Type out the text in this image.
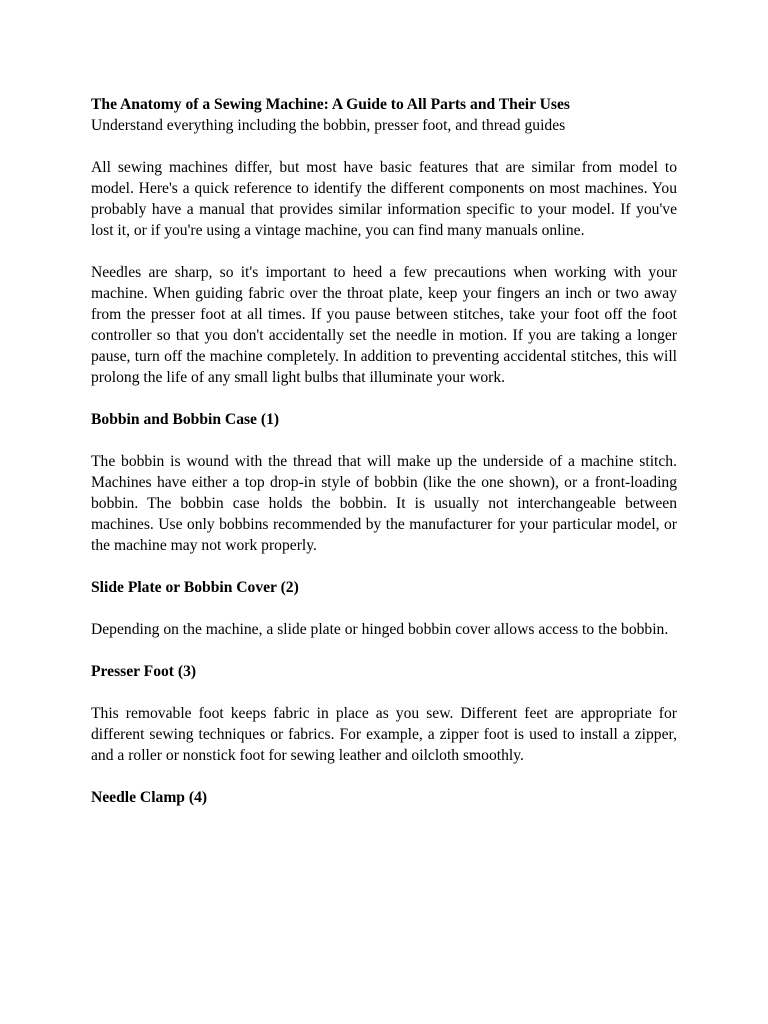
The Anatomy of a Sewing Machine: A Guide to All Parts and Their Uses
Understand everything including the bobbin, presser foot, and thread guides

All sewing machines differ, but most have basic features that are similar from model to model. Here's a quick reference to identify the different components on most machines. You probably have a manual that provides similar information specific to your model. If you've lost it, or if you're using a vintage machine, you can find many manuals online.

Needles are sharp, so it's important to heed a few precautions when working with your machine. When guiding fabric over the throat plate, keep your fingers an inch or two away from the presser foot at all times. If you pause between stitches, take your foot off the foot controller so that you don't accidentally set the needle in motion. If you are taking a longer pause, turn off the machine completely. In addition to preventing accidental stitches, this will prolong the life of any small light bulbs that illuminate your work.

Bobbin and Bobbin Case (1)

The bobbin is wound with the thread that will make up the underside of a machine stitch. Machines have either a top drop-in style of bobbin (like the one shown), or a front-loading bobbin. The bobbin case holds the bobbin. It is usually not interchangeable between machines. Use only bobbins recommended by the manufacturer for your particular model, or the machine may not work properly.

Slide Plate or Bobbin Cover (2)

Depending on the machine, a slide plate or hinged bobbin cover allows access to the bobbin.

Presser Foot (3)

This removable foot keeps fabric in place as you sew. Different feet are appropriate for different sewing techniques or fabrics. For example, a zipper foot is used to install a zipper, and a roller or nonstick foot for sewing leather and oilcloth smoothly.

Needle Clamp (4)
